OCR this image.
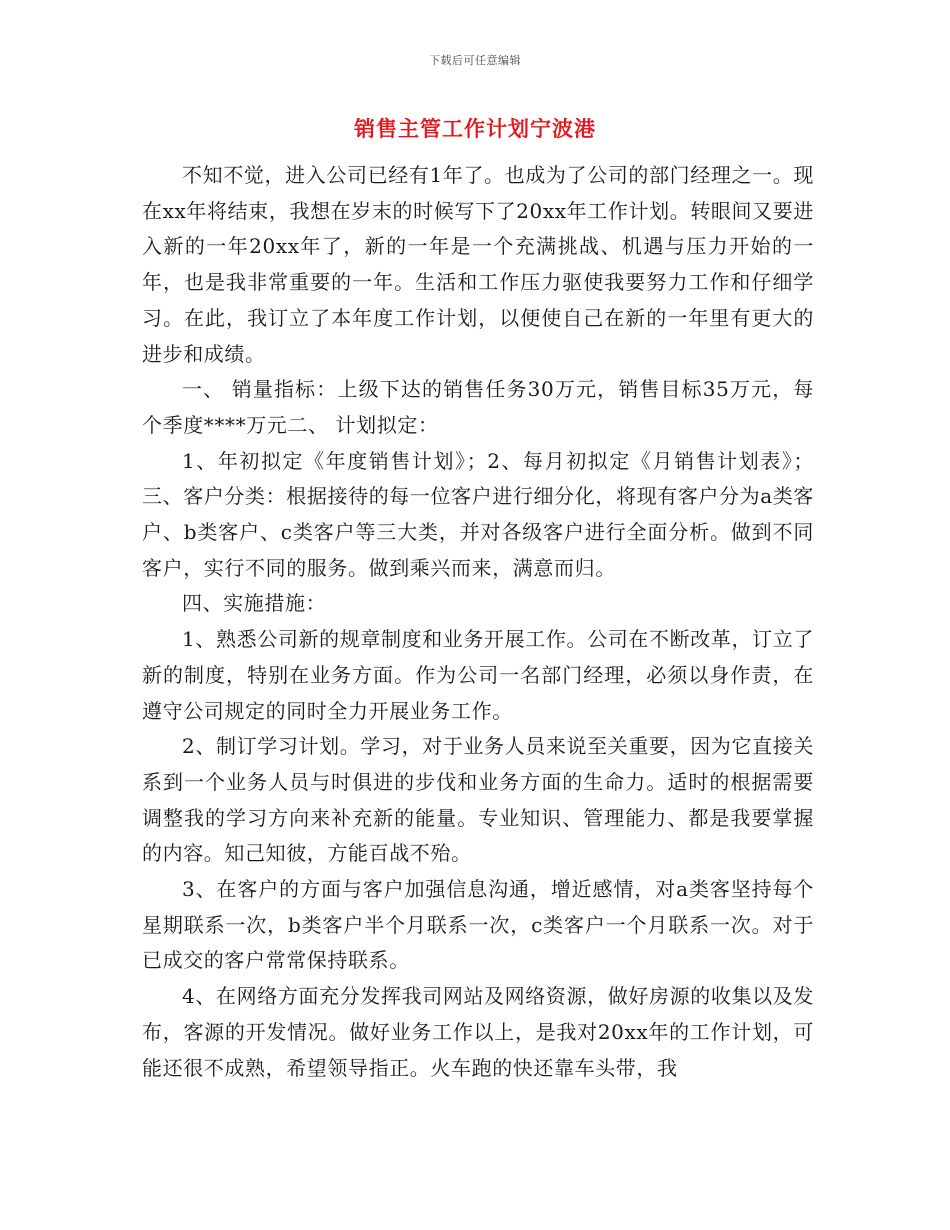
下载后可任意编辑
销售主管工作计划宁波港

不知不觉，进入公司已经有1年了。也成为了公司的部门经理之一。现在xx年将结束，我想在岁末的时候写下了20xx年工作计划。转眼间又要进入新的一年20xx年了，新的一年是一个充满挑战、机遇与压力开始的一年，也是我非常重要的一年。生活和工作压力驱使我要努力工作和仔细学习。在此，我订立了本年度工作计划，以便使自己在新的一年里有更大的进步和成绩。

一、 销量指标：上级下达的销售任务30万元，销售目标35万元，每个季度****万元二、 计划拟定：

1、年初拟定《年度销售计划》；2、每月初拟定《月销售计划表》；三、客户分类：根据接待的每一位客户进行细分化，将现有客户分为a类客户、b类客户、c类客户等三大类，并对各级客户进行全面分析。做到不同客户，实行不同的服务。做到乘兴而来，满意而归。

四、实施措施：

1、熟悉公司新的规章制度和业务开展工作。公司在不断改革，订立了新的制度，特别在业务方面。作为公司一名部门经理，必须以身作责，在遵守公司规定的同时全力开展业务工作。

2、制订学习计划。学习，对于业务人员来说至关重要，因为它直接关系到一个业务人员与时俱进的步伐和业务方面的生命力。适时的根据需要调整我的学习方向来补充新的能量。专业知识、管理能力、都是我要掌握的内容。知己知彼，方能百战不殆。

3、在客户的方面与客户加强信息沟通，增近感情，对a类客坚持每个星期联系一次，b类客户半个月联系一次，c类客户一个月联系一次。对于已成交的客户常常保持联系。

4、在网络方面充分发挥我司网站及网络资源，做好房源的收集以及发布，客源的开发情况。做好业务工作以上，是我对20xx年的工作计划，可能还很不成熟，希望领导指正。火车跑的快还靠车头带，我
